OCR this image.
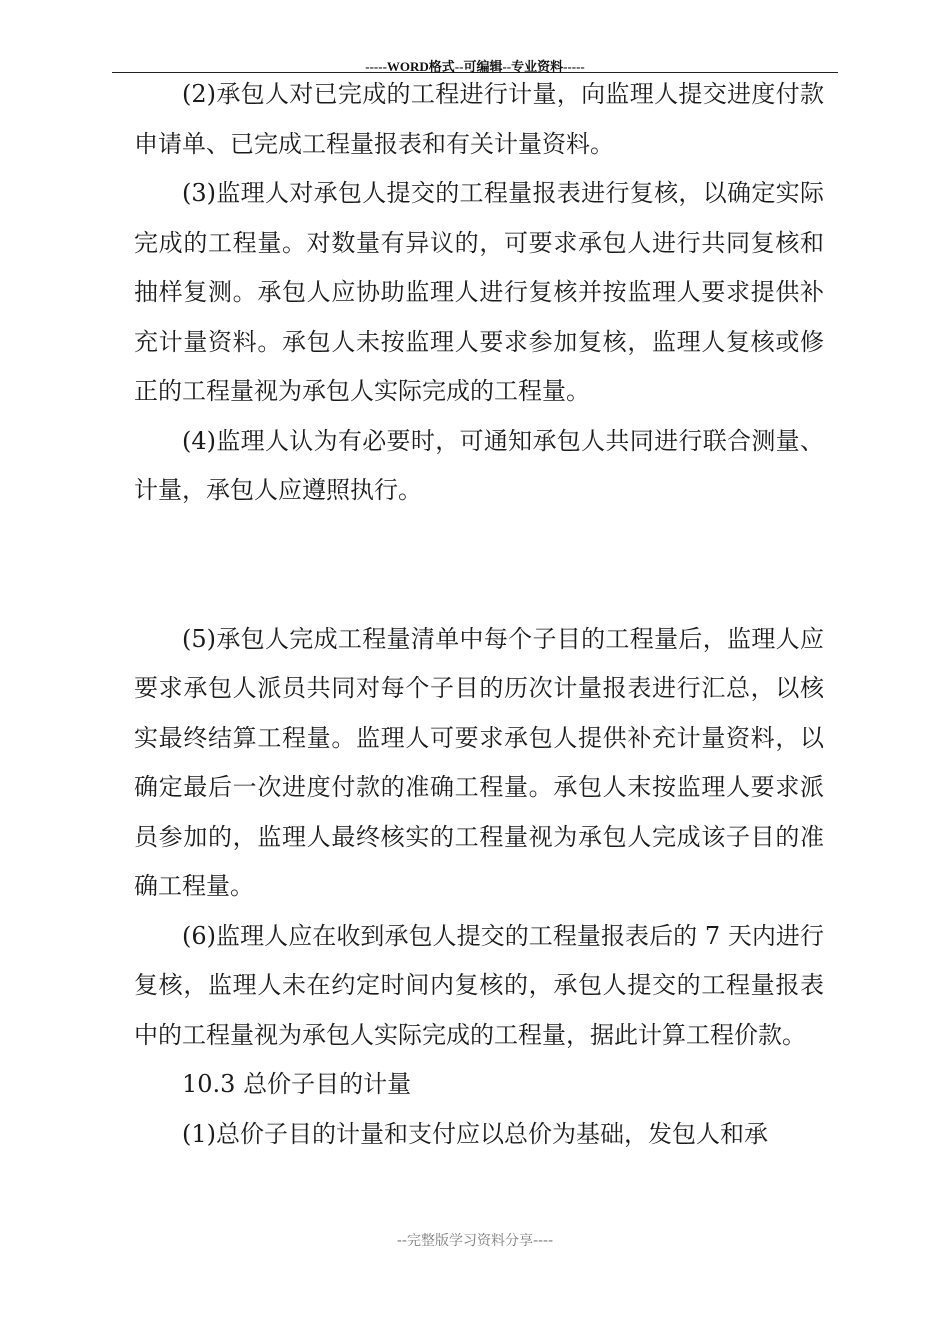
-----WORD格式--可编辑--专业资料-----

(2)承包人对已完成的工程进行计量，向监理人提交进度付款申请单、已完成工程量报表和有关计量资料。

(3)监理人对承包人提交的工程量报表进行复核，以确定实际完成的工程量。对数量有异议的，可要求承包人进行共同复核和抽样复测。承包人应协助监理人进行复核并按监理人要求提供补充计量资料。承包人未按监理人要求参加复核，监理人复核或修正的工程量视为承包人实际完成的工程量。

(4)监理人认为有必要时，可通知承包人共同进行联合测量、计量，承包人应遵照执行。

(5)承包人完成工程量清单中每个子目的工程量后，监理人应要求承包人派员共同对每个子目的历次计量报表进行汇总，以核实最终结算工程量。监理人可要求承包人提供补充计量资料，以确定最后一次进度付款的准确工程量。承包人末按监理人要求派员参加的，监理人最终核实的工程量视为承包人完成该子目的准确工程量。

(6)监理人应在收到承包人提交的工程量报表后的 7 天内进行复核，监理人未在约定时间内复核的，承包人提交的工程量报表中的工程量视为承包人实际完成的工程量，据此计算工程价款。

10.3 总价子目的计量

(1)总价子目的计量和支付应以总价为基础，发包人和承

--完整版学习资料分享----
